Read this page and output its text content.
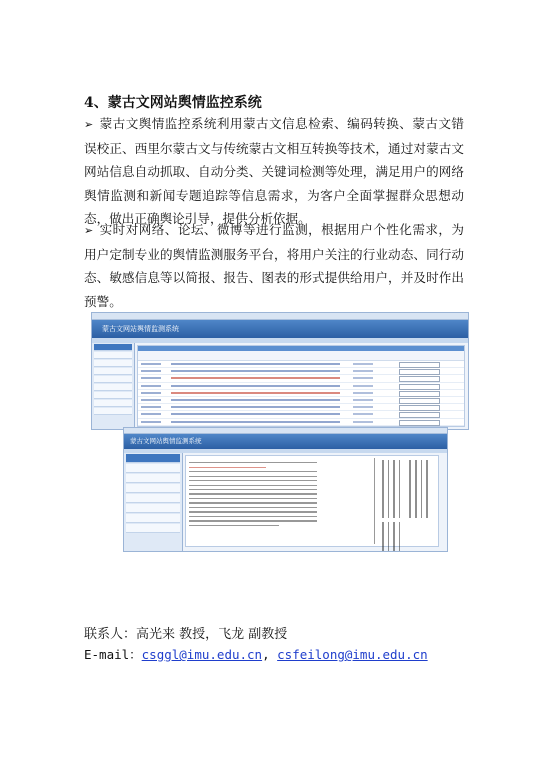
4、蒙古文网站舆情监控系统
➢ 蒙古文舆情监控系统利用蒙古文信息检索、编码转换、蒙古文错误校正、西里尔蒙古文与传统蒙古文相互转换等技术，通过对蒙古文网站信息自动抓取、自动分类、关键词检测等处理，满足用户的网络舆情监测和新闻专题追踪等信息需求，为客户全面掌握群众思想动态，做出正确舆论引导，提供分析依据。
➢ 实时对网络、论坛、微博等进行监测，根据用户个性化需求，为用户定制专业的舆情监测服务平台，将用户关注的行业动态、同行动态、敏感信息等以简报、报告、图表的形式提供给用户，并及时作出预警。
蒙古文网站舆情监测系统
蒙古文网站舆情监测系统

联系人：高光来 教授，飞龙 副教授
E-mail：csggl@imu.edu.cn, csfeilong@imu.edu.cn
